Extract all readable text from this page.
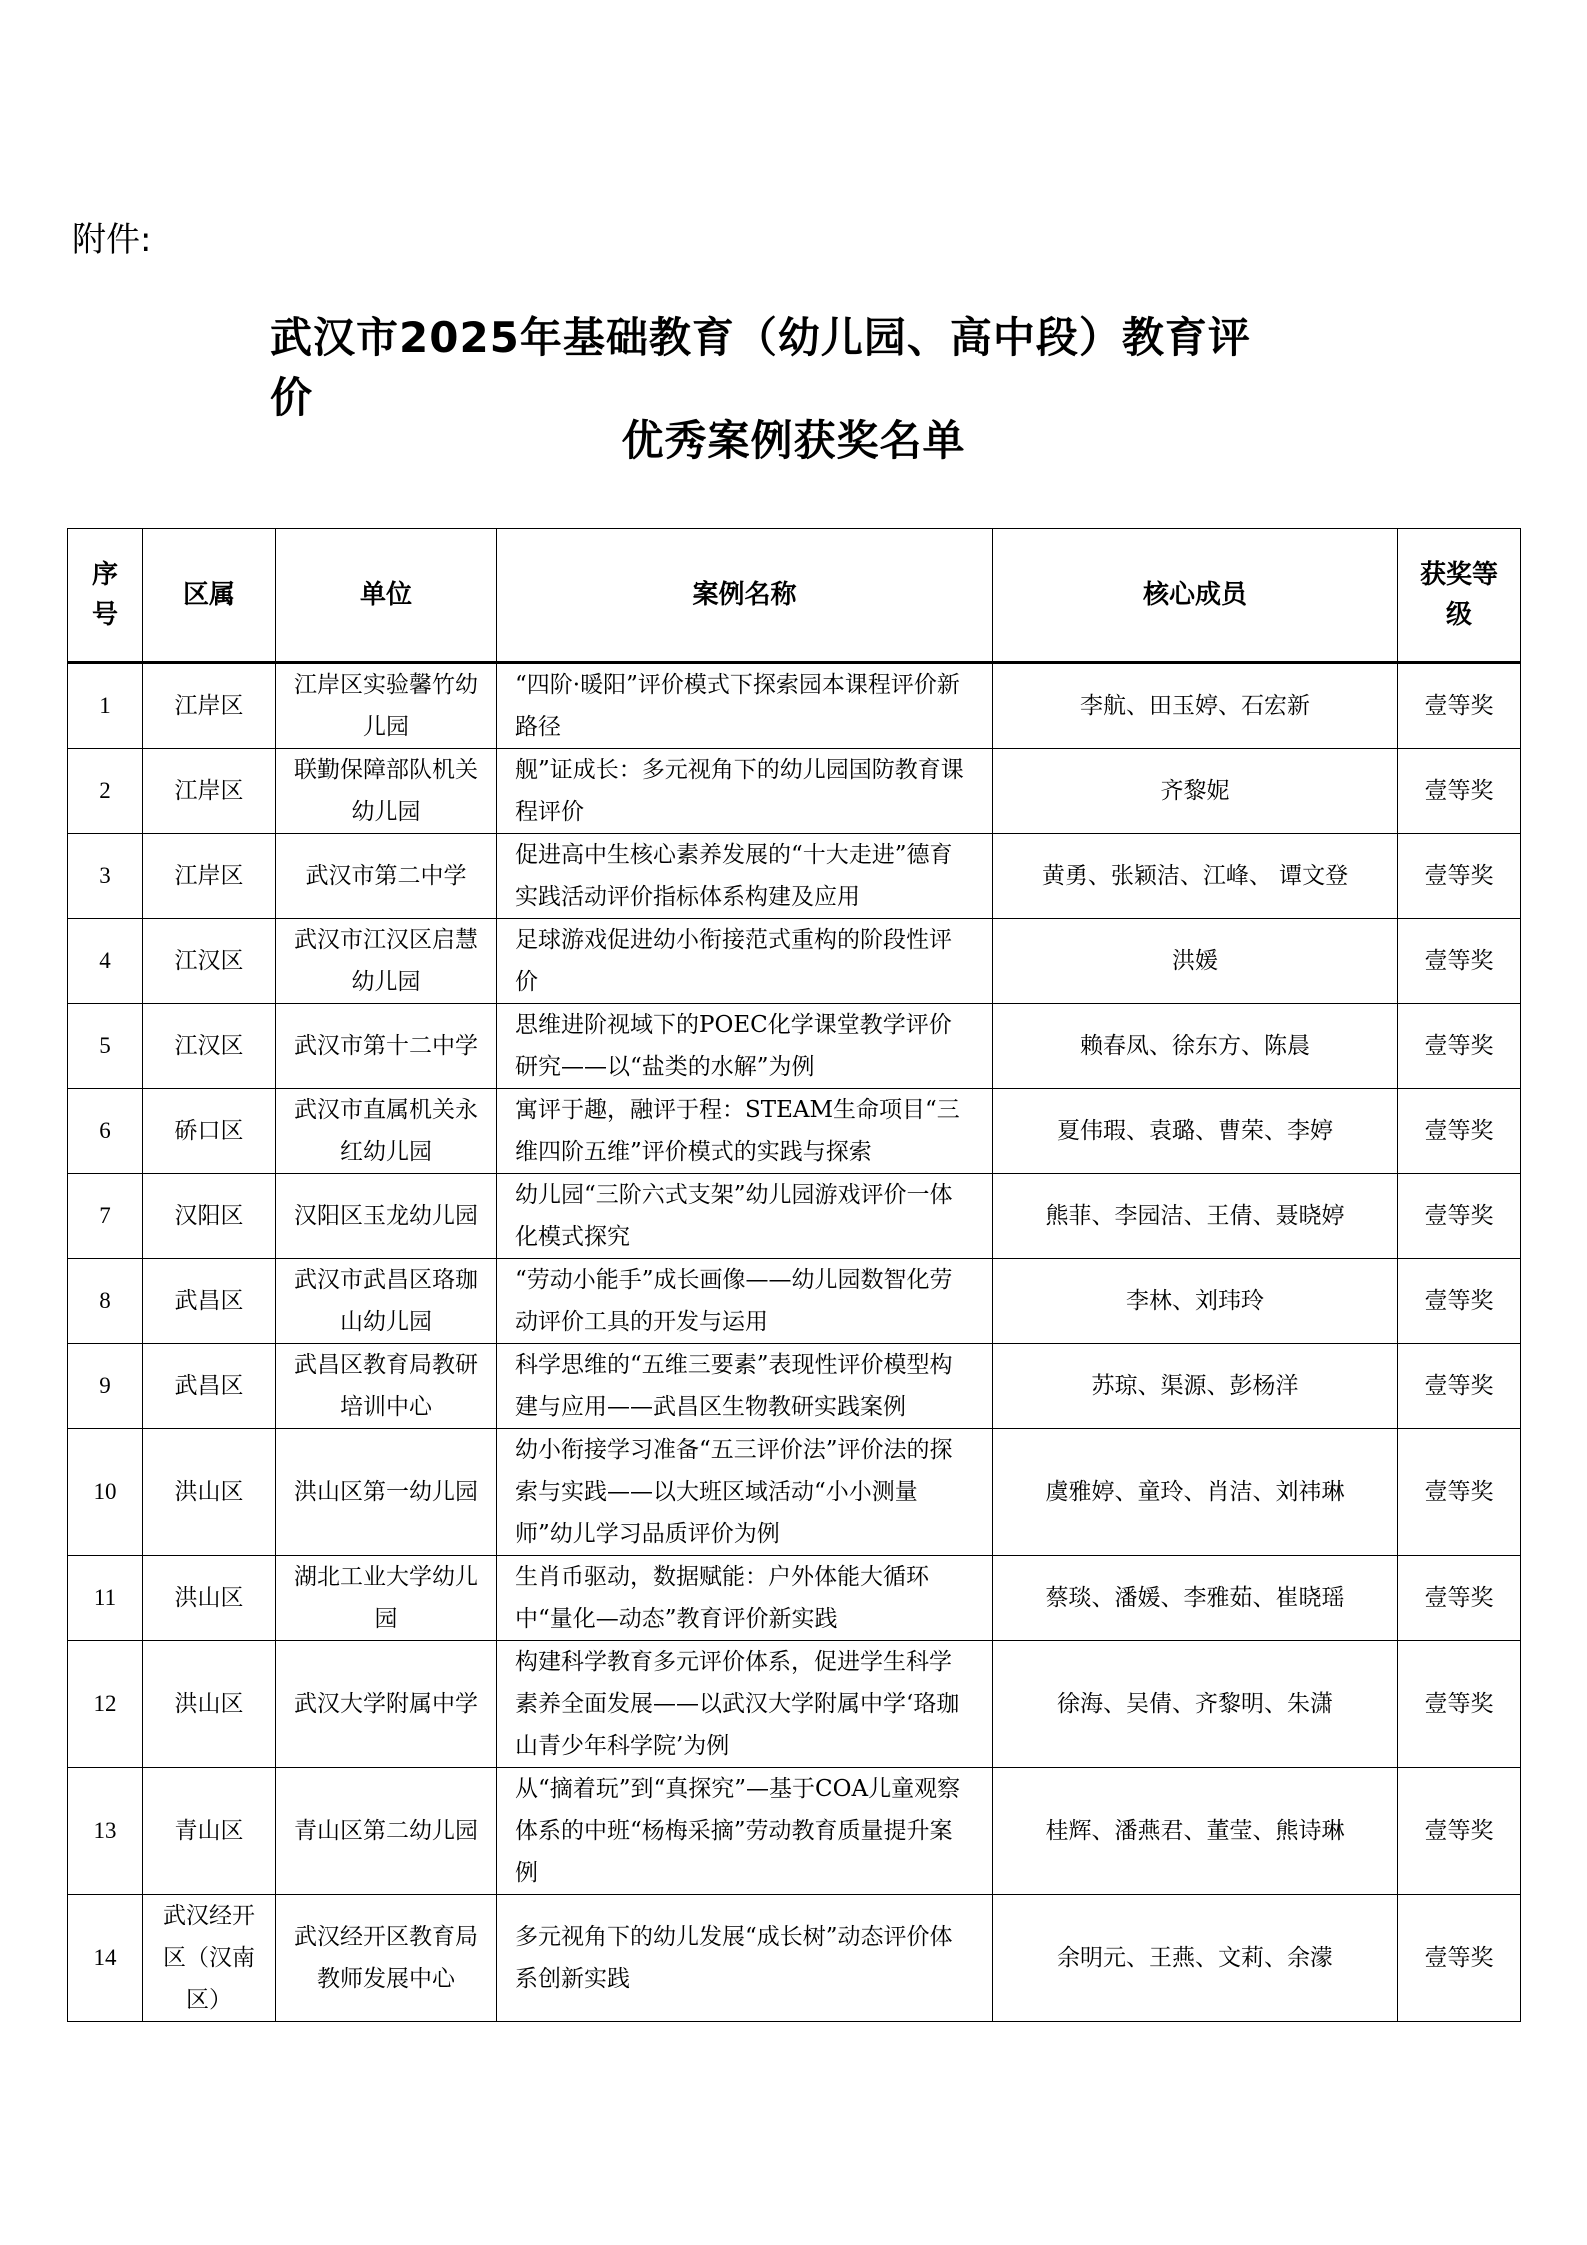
附件:
武汉市2025年基础教育（幼儿园、高中段）教育评价
优秀案例获奖名单
序号	区属	单位	案例名称	核心成员	获奖等级
1	江岸区	江岸区实验馨竹幼儿园	“四阶·暖阳”评价模式下探索园本课程评价新路径	李航、田玉婷、石宏新	壹等奖
2	江岸区	联勤保障部队机关幼儿园	舰”证成长：多元视角下的幼儿园国防教育课程评价	齐黎妮	壹等奖
3	江岸区	武汉市第二中学	促进高中生核心素养发展的“十大走进”德育实践活动评价指标体系构建及应用	黄勇、张颖洁、江峰、 谭文登	壹等奖
4	江汉区	武汉市江汉区启慧幼儿园	足球游戏促进幼小衔接范式重构的阶段性评价	洪媛	壹等奖
5	江汉区	武汉市第十二中学	思维进阶视域下的POEC化学课堂教学评价研究——以“盐类的水解”为例	赖春凤、徐东方、陈晨	壹等奖
6	硚口区	武汉市直属机关永红幼儿园	寓评于趣，融评于程：STEAM生命项目“三维四阶五维”评价模式的实践与探索	夏伟瑕、袁璐、曹荣、李婷	壹等奖
7	汉阳区	汉阳区玉龙幼儿园	幼儿园“三阶六式支架”幼儿园游戏评价一体化模式探究	熊菲、李园洁、王倩、聂晓婷	壹等奖
8	武昌区	武汉市武昌区珞珈山幼儿园	“劳动小能手”成长画像——幼儿园数智化劳动评价工具的开发与运用	李林、刘玮玲	壹等奖
9	武昌区	武昌区教育局教研培训中心	科学思维的“五维三要素”表现性评价模型构建与应用——武昌区生物教研实践案例	苏琼、渠源、彭杨洋	壹等奖
10	洪山区	洪山区第一幼儿园	幼小衔接学习准备“五三评价法”评价法的探索与实践——以大班区域活动“小小测量师”幼儿学习品质评价为例	虞雅婷、童玲、肖洁、刘祎琳	壹等奖
11	洪山区	湖北工业大学幼儿园	生肖币驱动，数据赋能：户外体能大循环中“量化—动态”教育评价新实践	蔡琰、潘媛、李雅茹、崔晓瑶	壹等奖
12	洪山区	武汉大学附属中学	构建科学教育多元评价体系，促进学生科学素养全面发展——以武汉大学附属中学‘珞珈山青少年科学院’为例	徐海、吴倩、齐黎明、朱潇	壹等奖
13	青山区	青山区第二幼儿园	从“摘着玩”到“真探究”—基于COA儿童观察体系的中班“杨梅采摘”劳动教育质量提升案例	桂辉、潘燕君、董莹、熊诗琳	壹等奖
14	武汉经开区（汉南区）	武汉经开区教育局教师发展中心	多元视角下的幼儿发展“成长树”动态评价体系创新实践	余明元、王燕、文莉、余濛	壹等奖
